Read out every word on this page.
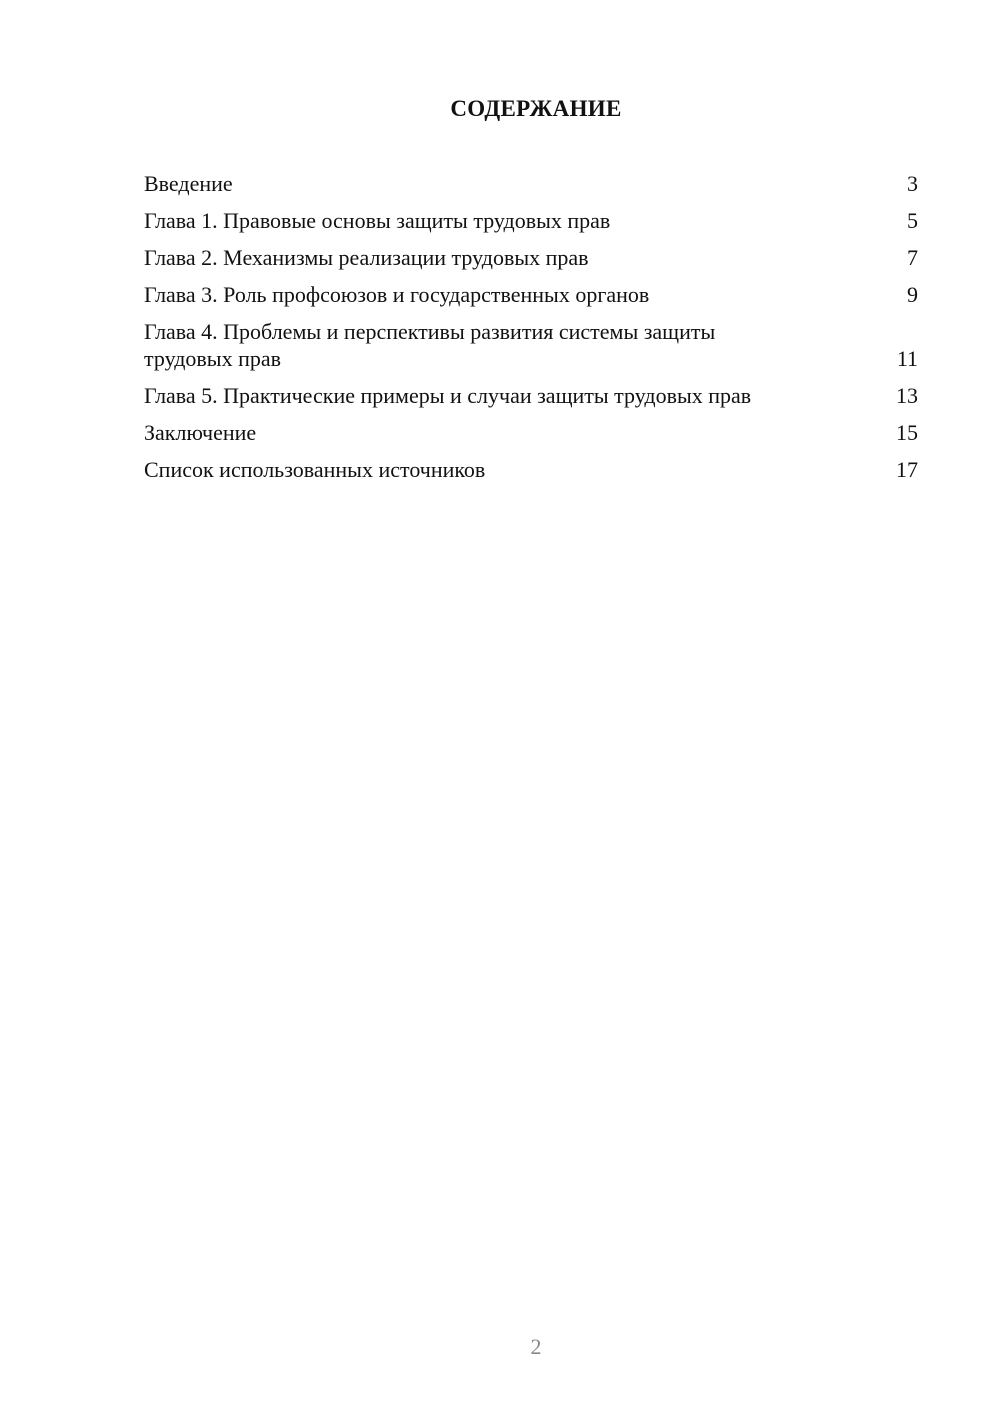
СОДЕРЖАНИЕ
Введение	3
Глава 1. Правовые основы защиты трудовых прав	5
Глава 2. Механизмы реализации трудовых прав	7
Глава 3. Роль профсоюзов и государственных органов	9
Глава 4. Проблемы и перспективы развития системы защиты трудовых прав	11
Глава 5. Практические примеры и случаи защиты трудовых прав	13
Заключение	15
Список использованных источников	17
2
